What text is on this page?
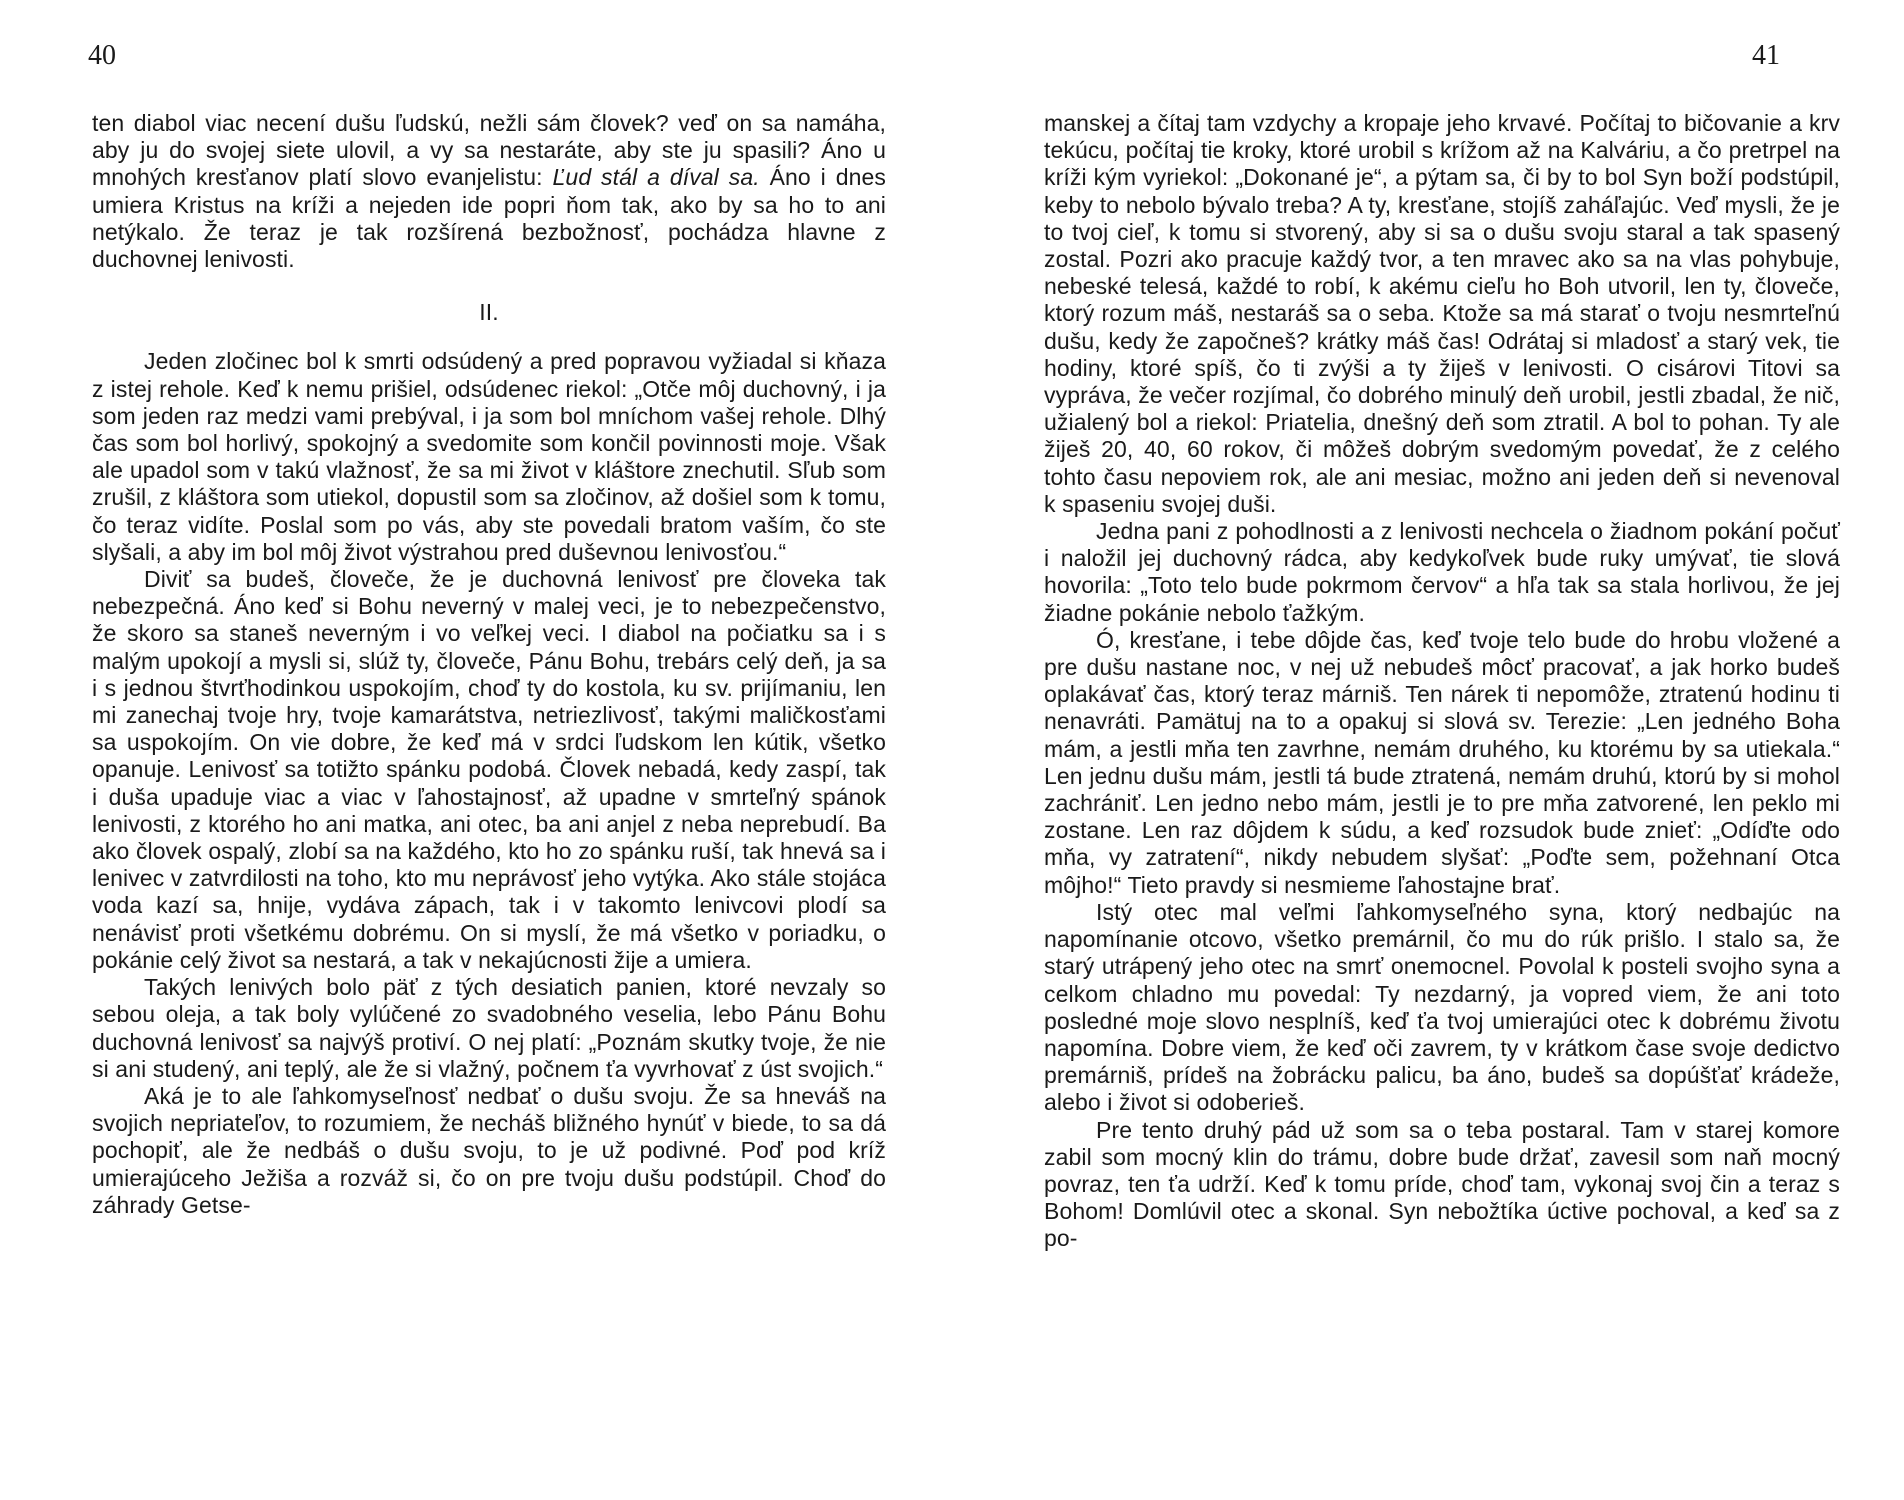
40

ten diabol viac necení dušu ľudskú, nežli sám človek? veď on sa namáha, aby ju do svojej siete ulovil, a vy sa nestaráte, aby ste ju spasili? Áno u mnohých kresťanov platí slovo evanjelistu: Ľud stál a díval sa. Áno i dnes umiera Kristus na kríži a nejeden ide popri ňom tak, ako by sa ho to ani netýkalo. Že teraz je tak rozšírená bezbožnosť, pochádza hlavne z duchovnej lenivosti.

II.

Jeden zločinec bol k smrti odsúdený a pred popravou vyžiadal si kňaza z istej rehole. Keď k nemu prišiel, odsúdenec riekol: „Otče môj duchovný, i ja som jeden raz medzi vami prebýval, i ja som bol mníchom vašej rehole. Dlhý čas som bol horlivý, spokojný a svedomite som končil povinnosti moje. Však ale upadol som v takú vlažnosť, že sa mi život v kláštore znechutil. Sľub som zrušil, z kláštora som utiekol, dopustil som sa zločinov, až došiel som k tomu, čo teraz vidíte. Poslal som po vás, aby ste povedali bratom vaším, čo ste slyšali, a aby im bol môj život výstrahou pred duševnou lenivosťou.“

Diviť sa budeš, človeče, že je duchovná lenivosť pre človeka tak nebezpečná. Áno keď si Bohu neverný v malej veci, je to nebezpečenstvo, že skoro sa staneš neverným i vo veľkej veci. I diabol na počiatku sa i s malým upokojí a mysli si, slúž ty, človeče, Pánu Bohu, trebárs celý deň, ja sa i s jednou štvrťhodinkou uspokojím, choď ty do kostola, ku sv. prijímaniu, len mi zanechaj tvoje hry, tvoje kamarátstva, netriezlivosť, takými maličkosťami sa uspokojím. On vie dobre, že keď má v srdci ľudskom len kútik, všetko opanuje. Lenivosť sa totižto spánku podobá. Človek nebadá, kedy zaspí, tak i duša upaduje viac a viac v ľahostajnosť, až upadne v smrteľný spánok lenivosti, z ktorého ho ani matka, ani otec, ba ani anjel z neba neprebudí. Ba ako človek ospalý, zlobí sa na každého, kto ho zo spánku ruší, tak hnevá sa i lenivec v zatvrdilosti na toho, kto mu neprávosť jeho vytýka. Ako stále stojáca voda kazí sa, hnije, vydáva zápach, tak i v takomto lenivcovi plodí sa nenávisť proti všetkému dobrému. On si myslí, že má všetko v poriadku, o pokánie celý život sa nestará, a tak v nekajúcnosti žije a umiera.

Takých lenivých bolo päť z tých desiatich panien, ktoré nevzaly so sebou oleja, a tak boly vylúčené zo svadobného veselia, lebo Pánu Bohu duchovná lenivosť sa najvýš protiví. O nej platí: „Poznám skutky tvoje, že nie si ani studený, ani teplý, ale že si vlažný, počnem ťa vyvrhovať z úst svojich.“

Aká je to ale ľahkomyseľnosť nedbať o dušu svoju. Že sa hneváš na svojich nepriateľov, to rozumiem, že necháš bližného hynúť v biede, to sa dá pochopiť, ale že nedbáš o dušu svoju, to je už podivné. Poď pod kríž umierajúceho Ježiša a rozváž si, čo on pre tvoju dušu podstúpil. Choď do záhrady Getse-

41

manskej a čítaj tam vzdychy a kropaje jeho krvavé. Počítaj to bičovanie a krv tekúcu, počítaj tie kroky, ktoré urobil s krížom až na Kalváriu, a čo pretrpel na kríži kým vyriekol: „Dokonané je“, a pýtam sa, či by to bol Syn boží podstúpil, keby to nebolo bývalo treba? A ty, kresťane, stojíš zaháľajúc. Veď mysli, že je to tvoj cieľ, k tomu si stvorený, aby si sa o dušu svoju staral a tak spasený zostal. Pozri ako pracuje každý tvor, a ten mravec ako sa na vlas pohybuje, nebeské telesá, každé to robí, k akému cieľu ho Boh utvoril, len ty, človeče, ktorý rozum máš, nestaráš sa o seba. Ktože sa má starať o tvoju nesmrteľnú dušu, kedy že započneš? krátky máš čas! Odrátaj si mladosť a starý vek, tie hodiny, ktoré spíš, čo ti zvýši a ty žiješ v lenivosti. O cisárovi Titovi sa vypráva, že večer rozjímal, čo dobrého minulý deň urobil, jestli zbadal, že nič, užialený bol a riekol: Priatelia, dnešný deň som ztratil. A bol to pohan. Ty ale žiješ 20, 40, 60 rokov, či môžeš dobrým svedomým povedať, že z celého tohto času nepoviem rok, ale ani mesiac, možno ani jeden deň si nevenoval k spaseniu svojej duši.

Jedna pani z pohodlnosti a z lenivosti nechcela o žiadnom pokání počuť i naložil jej duchovný rádca, aby kedykoľvek bude ruky umývať, tie slová hovorila: „Toto telo bude pokrmom červov“ a hľa tak sa stala horlivou, že jej žiadne pokánie nebolo ťažkým.

Ó, kresťane, i tebe dôjde čas, keď tvoje telo bude do hrobu vložené a pre dušu nastane noc, v nej už nebudeš môcť pracovať, a jak horko budeš oplakávať čas, ktorý teraz márniš. Ten nárek ti nepomôže, ztratenú hodinu ti nenavráti. Pamätuj na to a opakuj si slová sv. Terezie: „Len jedného Boha mám, a jestli mňa ten zavrhne, nemám druhého, ku ktorému by sa utiekala.“ Len jednu dušu mám, jestli tá bude ztratená, nemám druhú, ktorú by si mohol zachrániť. Len jedno nebo mám, jestli je to pre mňa zatvorené, len peklo mi zostane. Len raz dôjdem k súdu, a keď rozsudok bude znieť: „Odíďte odo mňa, vy zatratení“, nikdy nebudem slyšať: „Poďte sem, požehnaní Otca môjho!“ Tieto pravdy si nesmieme ľahostajne brať.

Istý otec mal veľmi ľahkomyseľného syna, ktorý nedbajúc na napomínanie otcovo, všetko premárnil, čo mu do rúk prišlo. I stalo sa, že starý utrápený jeho otec na smrť onemocnel. Povolal k posteli svojho syna a celkom chladno mu povedal: Ty nezdarný, ja vopred viem, že ani toto posledné moje slovo nesplníš, keď ťa tvoj umierajúci otec k dobrému životu napomína. Dobre viem, že keď oči zavrem, ty v krátkom čase svoje dedictvo premárniš, prídeš na žobrácku palicu, ba áno, budeš sa dopúšťať krádeže, alebo i život si odoberieš.

Pre tento druhý pád už som sa o teba postaral. Tam v starej komore zabil som mocný klin do trámu, dobre bude držať, zavesil som naň mocný povraz, ten ťa udrží. Keď k tomu príde, choď tam, vykonaj svoj čin a teraz s Bohom! Domlúvil otec a skonal. Syn nebožtíka úctive pochoval, a keď sa z po-
